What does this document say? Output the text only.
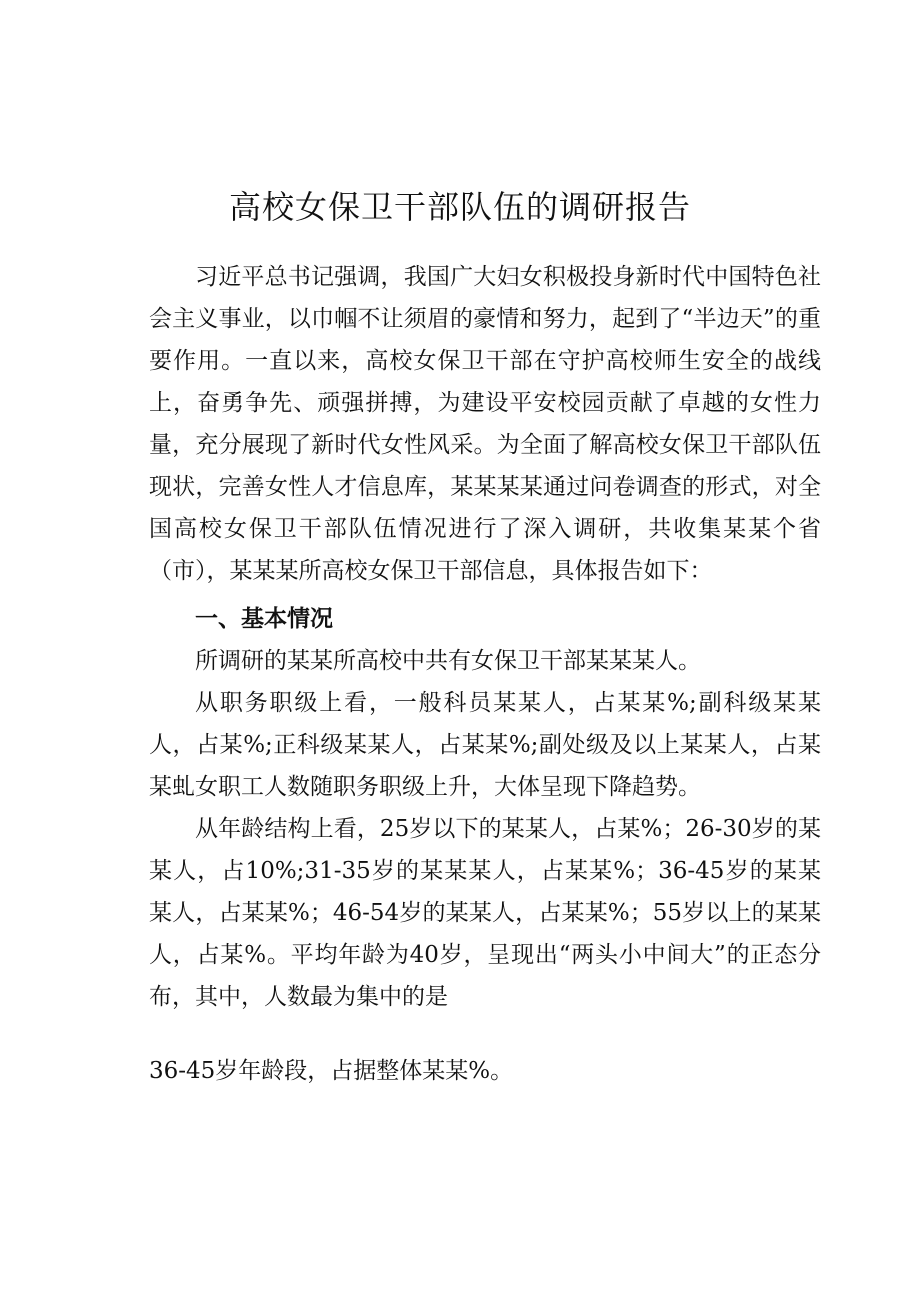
高校女保卫干部队伍的调研报告

习近平总书记强调，我国广大妇女积极投身新时代中国特色社会主义事业，以巾帼不让须眉的豪情和努力，起到了“半边天”的重要作用。一直以来，高校女保卫干部在守护高校师生安全的战线上，奋勇争先、顽强拼搏，为建设平安校园贡献了卓越的女性力量，充分展现了新时代女性风采。为全面了解高校女保卫干部队伍现状，完善女性人才信息库，某某某某通过问卷调查的形式，对全国高校女保卫干部队伍情况进行了深入调研，共收集某某个省（市），某某某所高校女保卫干部信息，具体报告如下：

一、基本情况

所调研的某某所高校中共有女保卫干部某某某人。

从职务职级上看，一般科员某某人，占某某%;副科级某某人，占某%;正科级某某人，占某某%;副处级及以上某某人，占某某虬女职工人数随职务职级上升，大体呈现下降趋势。

从年龄结构上看，25岁以下的某某人，占某%；26-30岁的某某人，占10%;31-35岁的某某某人，占某某%；36-45岁的某某某人，占某某%；46-54岁的某某人，占某某%；55岁以上的某某人，占某%。平均年龄为40岁，呈现出“两头小中间大”的正态分布，其中，人数最为集中的是

36-45岁年龄段，占据整体某某%。
